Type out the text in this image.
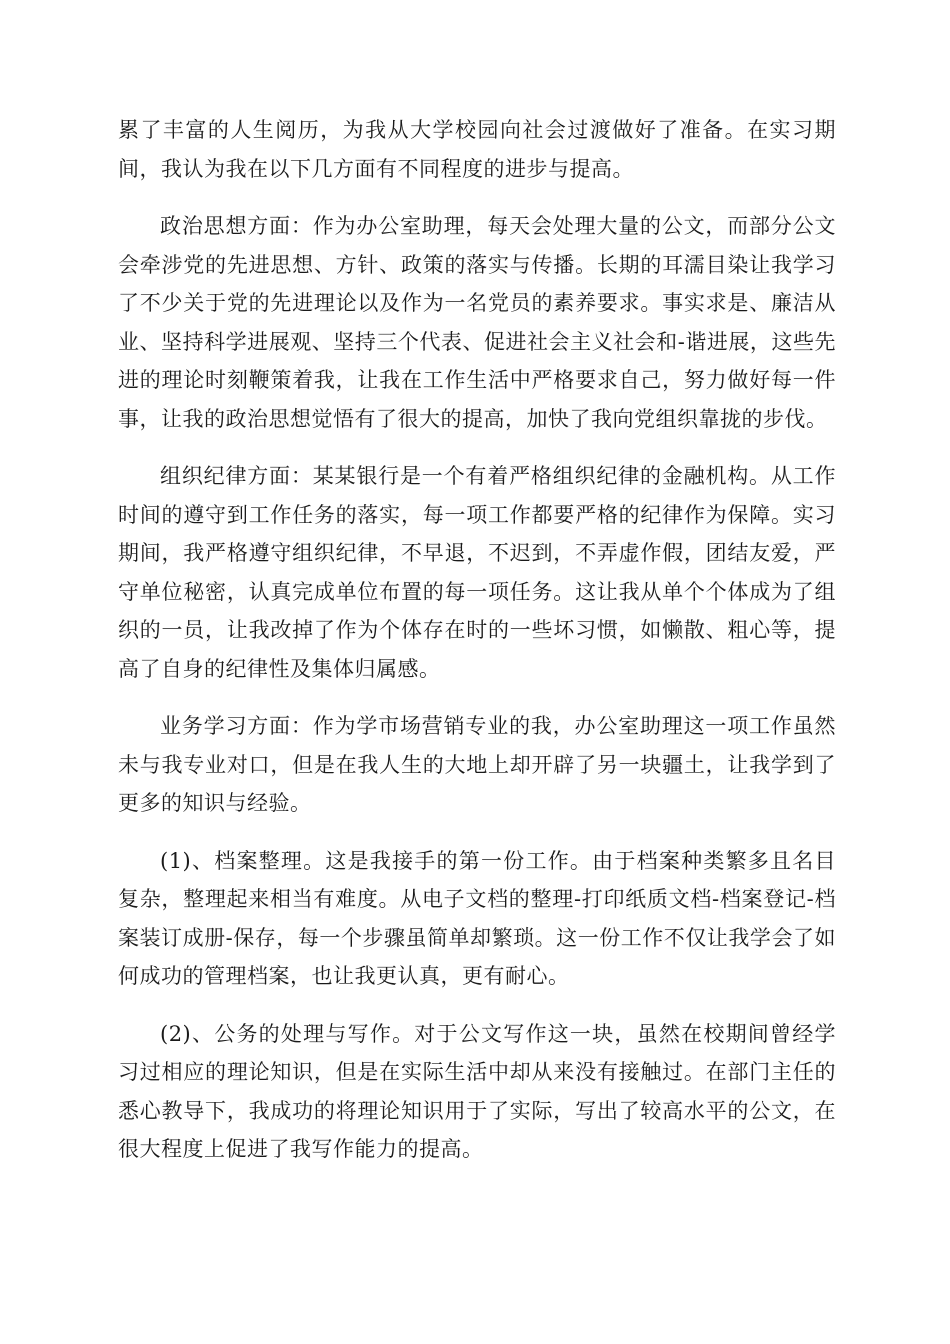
累了丰富的人生阅历，为我从大学校园向社会过渡做好了准备。在实习期间，我认为我在以下几方面有不同程度的进步与提高。

政治思想方面：作为办公室助理，每天会处理大量的公文，而部分公文会牵涉党的先进思想、方针、政策的落实与传播。长期的耳濡目染让我学习了不少关于党的先进理论以及作为一名党员的素养要求。事实求是、廉洁从业、坚持科学进展观、坚持三个代表、促进社会主义社会和-谐进展，这些先进的理论时刻鞭策着我，让我在工作生活中严格要求自己，努力做好每一件事，让我的政治思想觉悟有了很大的提高，加快了我向党组织靠拢的步伐。

组织纪律方面：某某银行是一个有着严格组织纪律的金融机构。从工作时间的遵守到工作任务的落实，每一项工作都要严格的纪律作为保障。实习期间，我严格遵守组织纪律，不早退，不迟到，不弄虚作假，团结友爱，严守单位秘密，认真完成单位布置的每一项任务。这让我从单个个体成为了组织的一员，让我改掉了作为个体存在时的一些坏习惯，如懒散、粗心等，提高了自身的纪律性及集体归属感。

业务学习方面：作为学市场营销专业的我，办公室助理这一项工作虽然未与我专业对口，但是在我人生的大地上却开辟了另一块疆土，让我学到了更多的知识与经验。

(1)、档案整理。这是我接手的第一份工作。由于档案种类繁多且名目复杂，整理起来相当有难度。从电子文档的整理-打印纸质文档-档案登记-档案装订成册-保存，每一个步骤虽简单却繁琐。这一份工作不仅让我学会了如何成功的管理档案，也让我更认真，更有耐心。

(2)、公务的处理与写作。对于公文写作这一块，虽然在校期间曾经学习过相应的理论知识，但是在实际生活中却从来没有接触过。在部门主任的悉心教导下，我成功的将理论知识用于了实际，写出了较高水平的公文，在很大程度上促进了我写作能力的提高。
